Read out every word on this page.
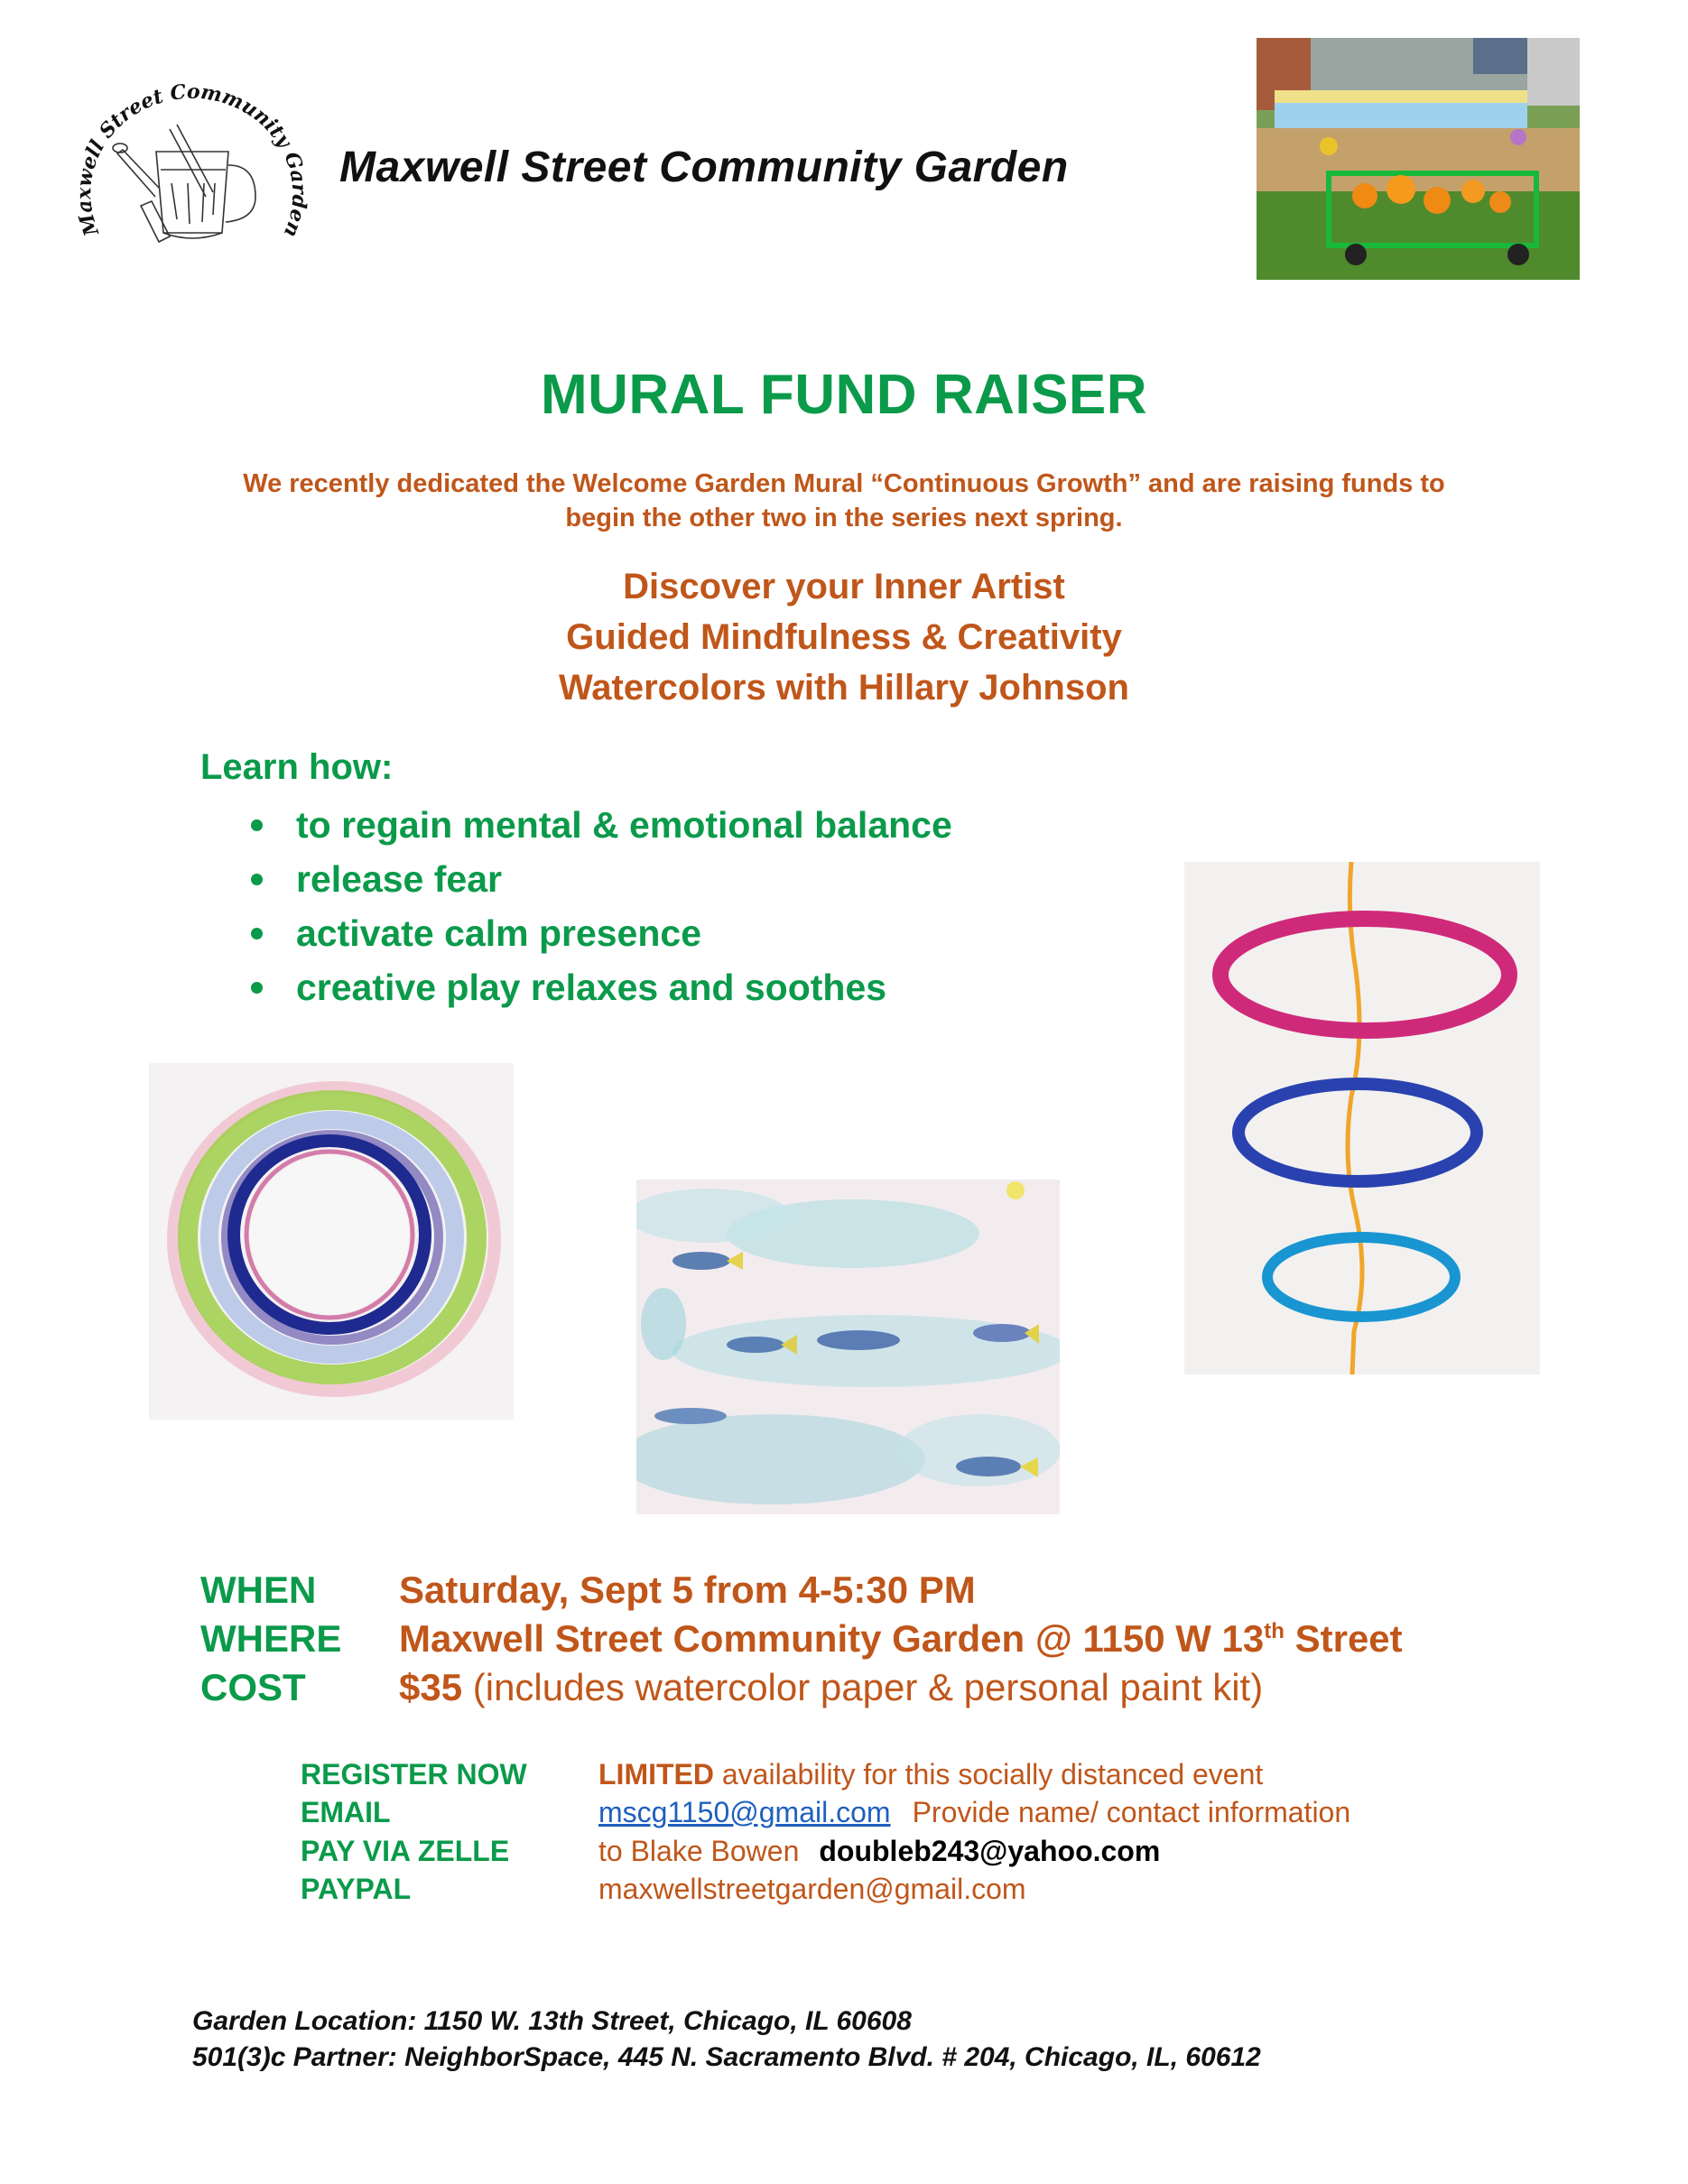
Maxwell Street Community Garden
Maxwell Street Community Garden
MURAL FUND RAISER
We recently dedicated the Welcome Garden Mural “Continuous Growth” and are raising funds to begin the other two in the series next spring.
Discover your Inner Artist
Guided Mindfulness & Creativity
Watercolors with Hillary Johnson
Learn how:
to regain mental & emotional balance
release fear
activate calm presence
creative play relaxes and soothes
WHEN Saturday, Sept 5 from 4-5:30 PM
WHERE Maxwell Street Community Garden @ 1150 W 13th Street
COST $35 (includes watercolor paper & personal paint kit)
REGISTER NOW LIMITED availability for this socially distanced event
EMAIL	mscg1150@gmail.com Provide name/ contact information
PAY VIA ZELLE	to Blake Bowen doubleb243@yahoo.com
PAYPAL	maxwellstreetgarden@gmail.com
Garden Location: 1150 W. 13th Street, Chicago, IL 60608
501(3)c Partner: NeighborSpace, 445 N. Sacramento Blvd. # 204, Chicago, IL, 60612
